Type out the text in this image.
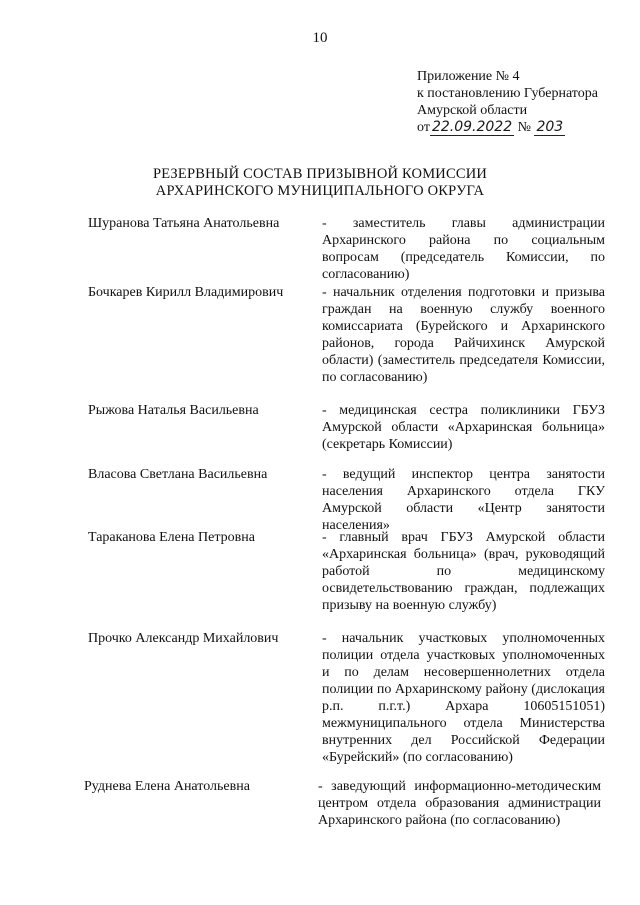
10
Приложение № 4
к постановлению Губернатора
Амурской области
от 22.09.2022 № 203
РЕЗЕРВНЫЙ СОСТАВ ПРИЗЫВНОЙ КОМИССИИ
АРХАРИНСКОГО МУНИЦИПАЛЬНОГО ОКРУГА
Шуранова Татьяна Анатольевна	- заместитель главы администрации Архаринского района по социальным вопросам (председатель Комиссии, по согласованию)
Бочкарев Кирилл Владимирович	- начальник отделения подготовки и призыва граждан на военную службу военного комиссариата (Бурейского и Архаринского районов, города Райчихинск Амурской области) (заместитель председателя Комиссии, по согласованию)
Рыжова Наталья Васильевна	- медицинская сестра поликлиники ГБУЗ Амурской области «Архаринская больница» (секретарь Комиссии)
Власова Светлана Васильевна	- ведущий инспектор центра занятости населения Архаринского отдела ГКУ Амурской области «Центр занятости населения»
Тараканова Елена Петровна	- главный врач ГБУЗ Амурской области «Архаринская больница» (врач, руководящий работой по медицинскому освидетельствованию граждан, подлежащих призыву на военную службу)
Прочко Александр Михайлович	- начальник участковых уполномоченных полиции отдела участковых уполномоченных и по делам несовершеннолетних отдела полиции по Архаринскому району (дислокация р.п. п.г.т.) Архара 10605151051) межмуниципального отдела Министерства внутренних дел Российской Федерации «Бурейский» (по согласованию)
Руднева Елена Анатольевна	- заведующий информационно-методическим центром отдела образования администрации Архаринского района (по согласованию)
